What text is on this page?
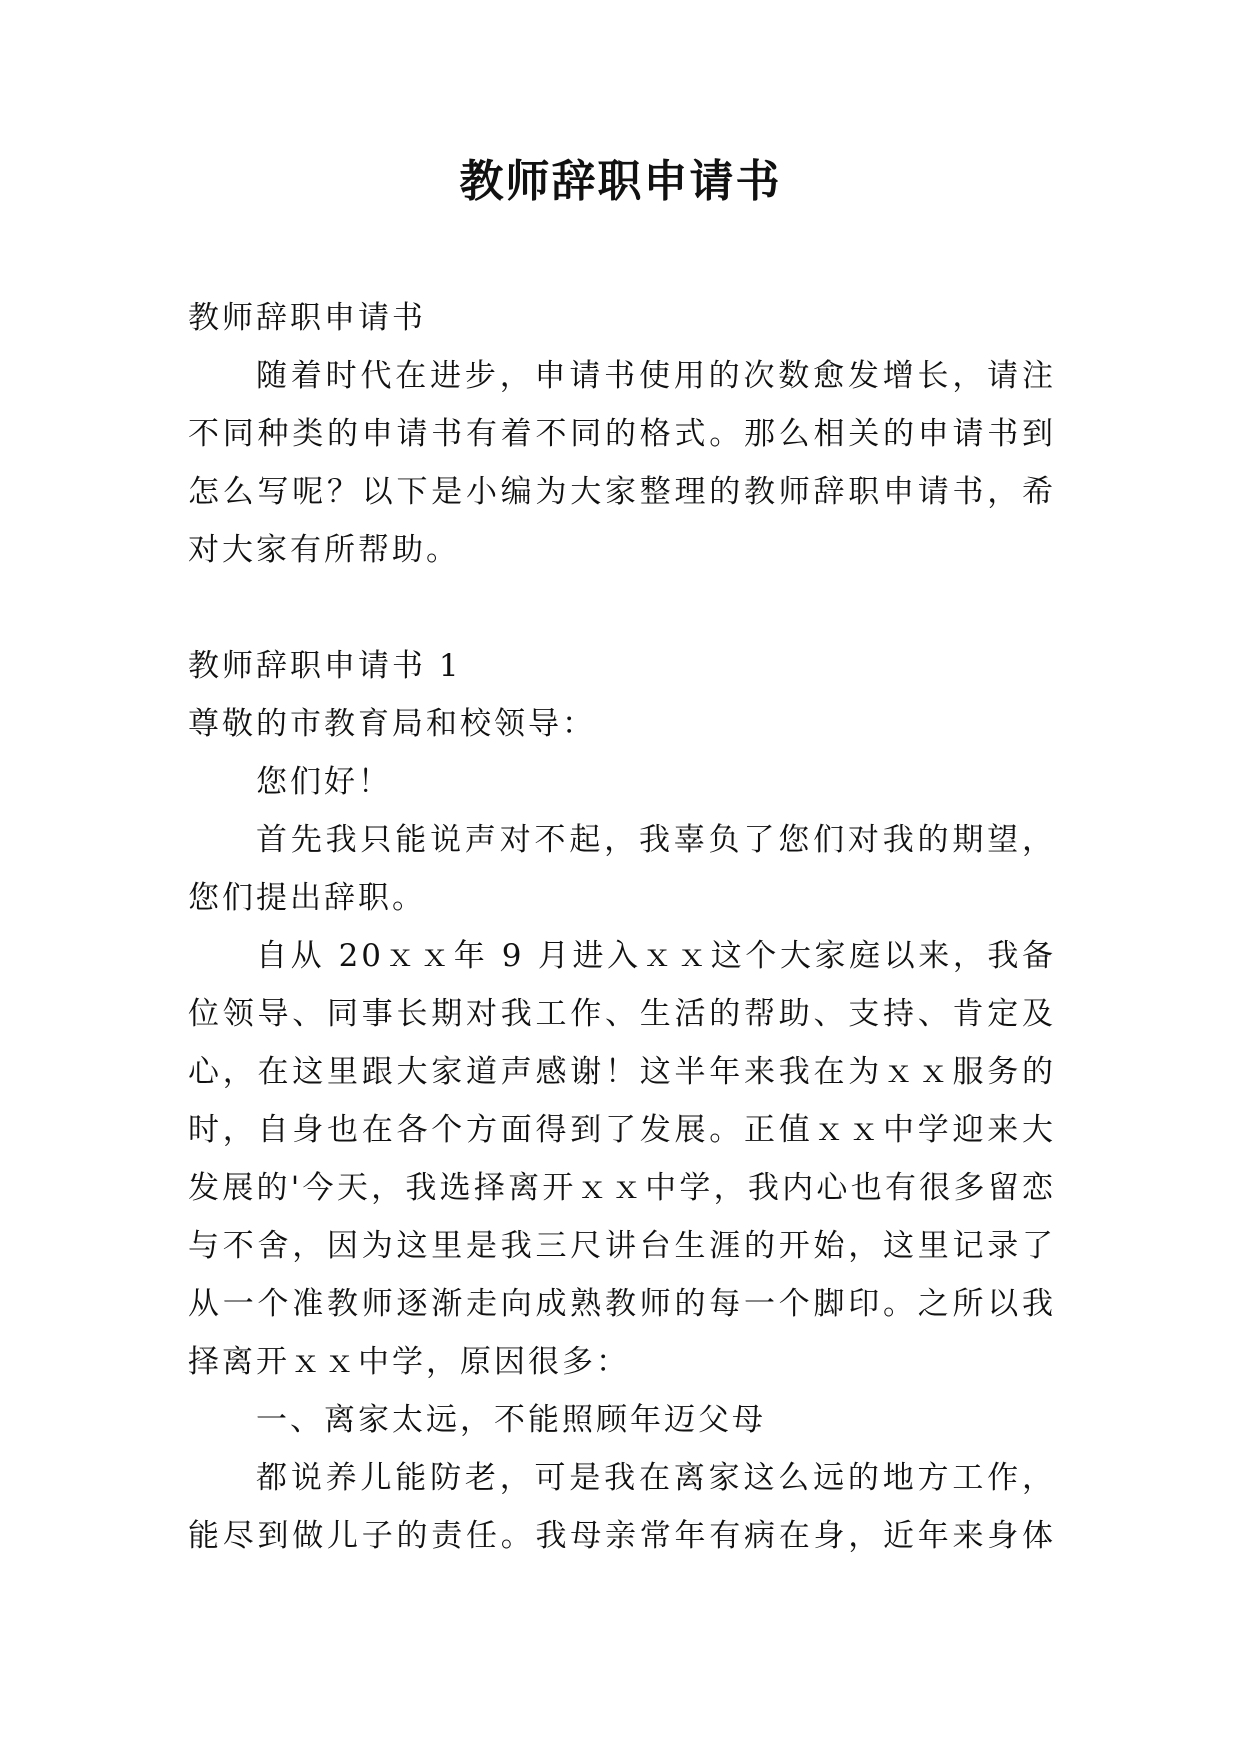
教师辞职申请书
教师辞职申请书
随着时代在进步，申请书使用的次数愈发增长，请注
不同种类的申请书有着不同的格式。那么相关的申请书到
怎么写呢？以下是小编为大家整理的教师辞职申请书，希
对大家有所帮助。
教师辞职申请书 1
尊敬的市教育局和校领导：
您们好！
首先我只能说声对不起，我辜负了您们对我的期望，
您们提出辞职。
自从 20ｘｘ年 9 月进入ｘｘ这个大家庭以来，我备
位领导、同事长期对我工作、生活的帮助、支持、肯定及
心，在这里跟大家道声感谢！这半年来我在为ｘｘ服务的
时，自身也在各个方面得到了发展。正值ｘｘ中学迎来大
发展的'今天，我选择离开ｘｘ中学，我内心也有很多留恋
与不舍，因为这里是我三尺讲台生涯的开始，这里记录了
从一个准教师逐渐走向成熟教师的每一个脚印。之所以我
择离开ｘｘ中学，原因很多：
一、离家太远，不能照顾年迈父母
都说养儿能防老，可是我在离家这么远的地方工作，
能尽到做儿子的责任。我母亲常年有病在身，近年来身体
